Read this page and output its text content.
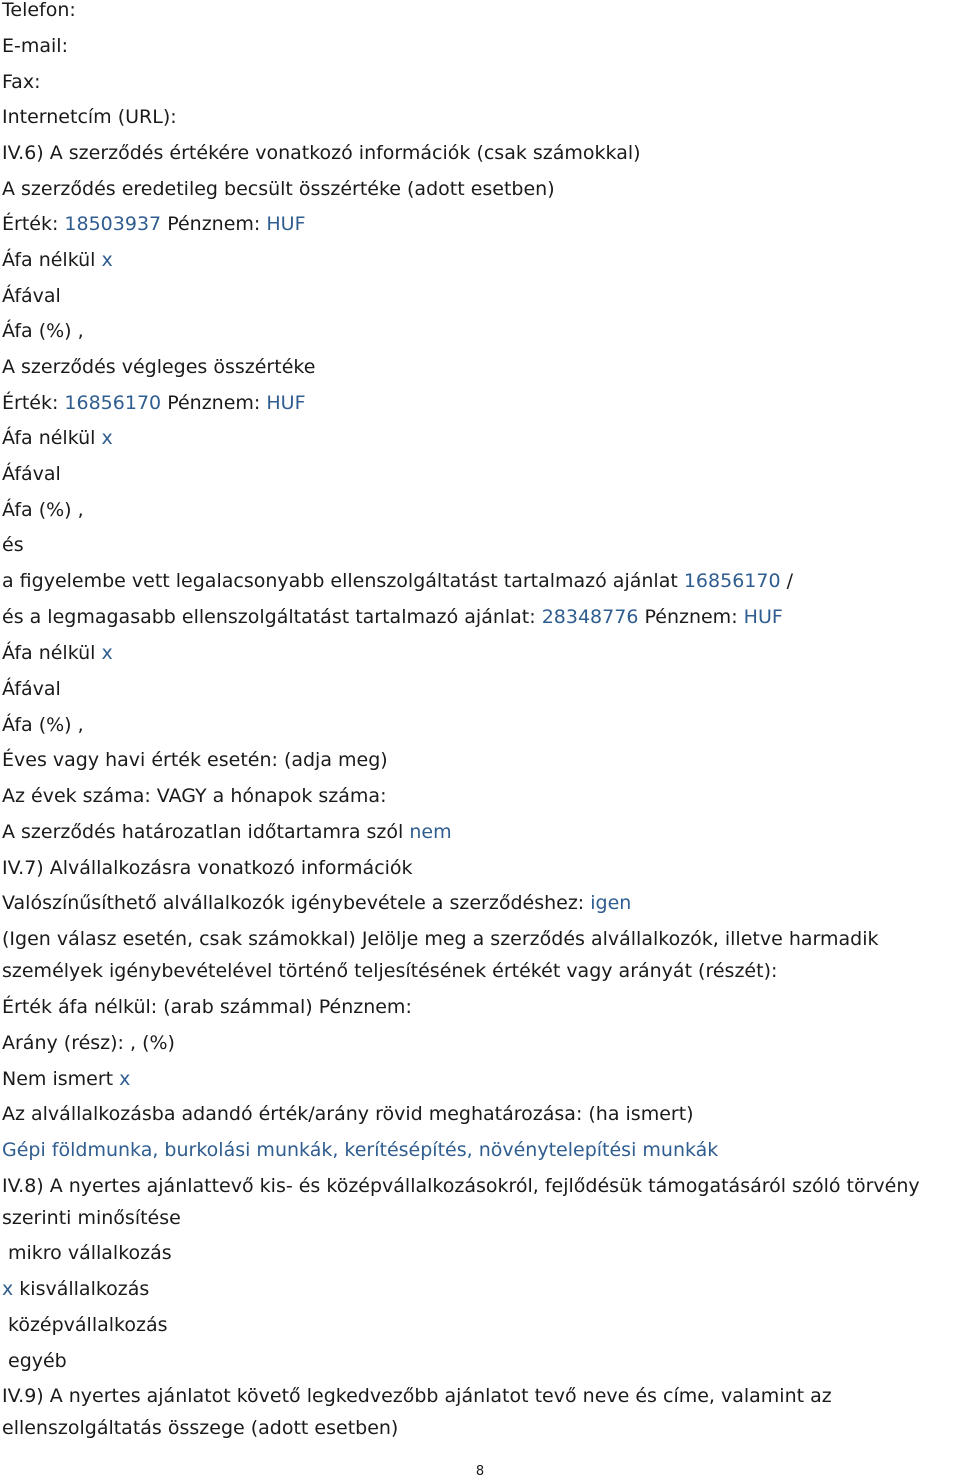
Telefon:
E-mail:
Fax:
Internetcím (URL):
IV.6) A szerződés értékére vonatkozó információk (csak számokkal)
A szerződés eredetileg becsült összértéke (adott esetben)
Érték: 18503937 Pénznem: HUF
Áfa nélkül x
Áfával
Áfa (%) ,
A szerződés végleges összértéke
Érték: 16856170 Pénznem: HUF
Áfa nélkül x
Áfával
Áfa (%) ,
és
a figyelembe vett legalacsonyabb ellenszolgáltatást tartalmazó ajánlat 16856170 /
és a legmagasabb ellenszolgáltatást tartalmazó ajánlat: 28348776 Pénznem: HUF
Áfa nélkül x
Áfával
Áfa (%) ,
Éves vagy havi érték esetén: (adja meg)
Az évek száma: VAGY a hónapok száma:
A szerződés határozatlan időtartamra szól nem
IV.7) Alvállalkozásra vonatkozó információk
Valószínűsíthető alvállalkozók igénybevétele a szerződéshez: igen
(Igen válasz esetén, csak számokkal) Jelölje meg a szerződés alvállalkozók, illetve harmadik
személyek igénybevételével történő teljesítésének értékét vagy arányát (részét):
Érték áfa nélkül: (arab számmal) Pénznem:
Arány (rész): , (%)
Nem ismert x
Az alvállalkozásba adandó érték/arány rövid meghatározása: (ha ismert)
Gépi földmunka, burkolási munkák, kerítésépítés, növénytelepítési munkák
IV.8) A nyertes ajánlattevő kis- és középvállalkozásokról, fejlődésük támogatásáról szóló törvény
szerinti minősítése
mikro vállalkozás
x kisvállalkozás
középvállalkozás
egyéb
IV.9) A nyertes ajánlatot követő legkedvezőbb ajánlatot tevő neve és címe, valamint az
ellenszolgáltatás összege (adott esetben)
8
